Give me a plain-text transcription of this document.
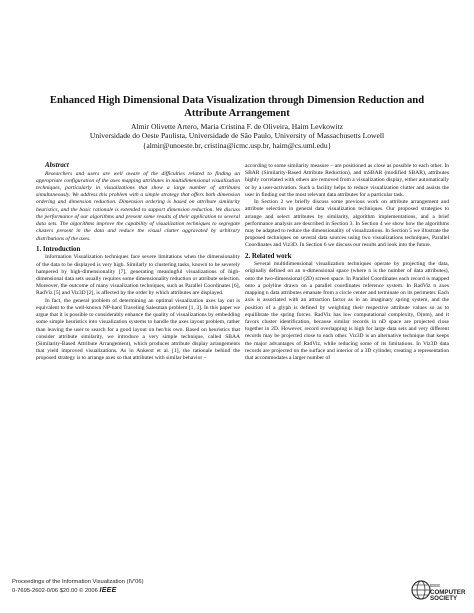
Enhanced High Dimensional Data Visualization through Dimension Reduction and
Attribute Arrangement
Almir Olivette Artero, Maria Cristina F. de Oliveira, Haim Levkowitz
Universidade do Oeste Paulista, Universidade de São Paulo, University of Massachusetts Lowell
{almir@unoeste.br, cristina@icmc.usp.br, haim@cs.uml.edu}

Abstract

Researchers and users are well aware of the difficulties related to finding an appropriate configuration of the axes mapping attributes in multidimensional visualization techniques, particularly in visualizations that show a large number of attributes simultaneously. We address this problem with a simple strategy that offers both dimension ordering and dimension reduction. Dimension ordering is based on attribute similarity heuristics, and the basic rationale is extended to support dimension reduction. We discuss the performance of our algorithms and present some results of their application to several data sets. The algorithms improve the capability of visualization techniques to segregate clusters present in the data and reduce the visual clutter aggravated by arbitrary distributions of the axes.

1. Introduction

Information Visualization techniques face severe limitations when the dimensionality of the data to be displayed is very high. Similarly to clustering tasks, known to be severely hampered by high-dimensionality [7], generating meaningful visualizations of high-dimensional data sets usually requires some dimensionality reduction or attribute selection. Moreover, the outcome of many visualization techniques, such as Parallel Coordinates [6], RadViz [5] and Viz3D [2], is affected by the order by which attributes are displayed.

In fact, the general problem of determining an optimal visualization axes lay out is equivalent to the well-known NP-hard Traveling Salesman problem [1, 3]. In this paper we argue that it is possible to considerably enhance the quality of visualizations by embedding some simple heuristics into visualization systems to handle the axes layout problem, rather than leaving the user to search for a good layout on her/his own. Based on heuristics that consider attribute similarity, we introduce a very simple technique, called SBAA (Similarity-Based Attribute Arrangement), which produces attribute display arrangements that yield improved visualizations. As in Ankerst et al. [1], the rationale behind the proposed strategy is to arrange axes so that attributes with similar behavior –

according to some similarity measure – are positioned as close as possible to each other. In SBAR (Similarity-Based Attribute Reduction), and mSBAR (modified SBAR), attributes highly correlated with others are removed from a visualization display, either automatically or by a user-activation. Such a facility helps to reduce visualization clutter and assists the user in finding out the most relevant data attributes for a particular task.

In Section 2 we briefly discuss some previous work on attribute arrangement and attribute selection in general data visualization techniques. Our proposed strategies to arrange and select attributes by similarity, algorithm implementations, and a brief performance analysis are described in Section 3. In Section 4 we show how the algorithms may be adapted to reduce the dimensionality of visualizations. In Section 5 we illustrate the proposed techniques on several data sources using two visualizations techniques, Parallel Coordinates and Viz3D. In Section 6 we discuss our results and look into the future.

2. Related work

Several multidimensional visualization techniques operate by projecting the data, originally defined on an n-dimensional space (where n is the number of data attributes), onto the two-dimensional (2D) screen space. In Parallel Coordinates each record is mapped onto a polyline drawn on a parallel coordinates reference system. In RadViz n axes mapping n data attributes emanate from a circle center and terminate on its perimeter. Each axis is associated with an attraction factor as in an imaginary spring system, and the position of a glyph is defined by weighting their respective attribute values so as to equilibrate the spring forces. RadViz has low computational complexity, O(nm), and it favors cluster identification, because similar records in nD space are projected close together in 2D. However, record overlapping is high for large data sets and very different records may be projected close to each other. Viz3D is an alternative technique that keeps the major advantages of RadViz, while reducing some of its limitations. In Viz3D data records are projected on the surface and interior of a 3D cylinder, creating a representation that accommodates a larger number of

Proceedings of the Information Visualization (IV'06)
0-7695-2602-0/06 $20.00 © 2006 IEEE
IEEE
COMPUTER
SOCIETY
